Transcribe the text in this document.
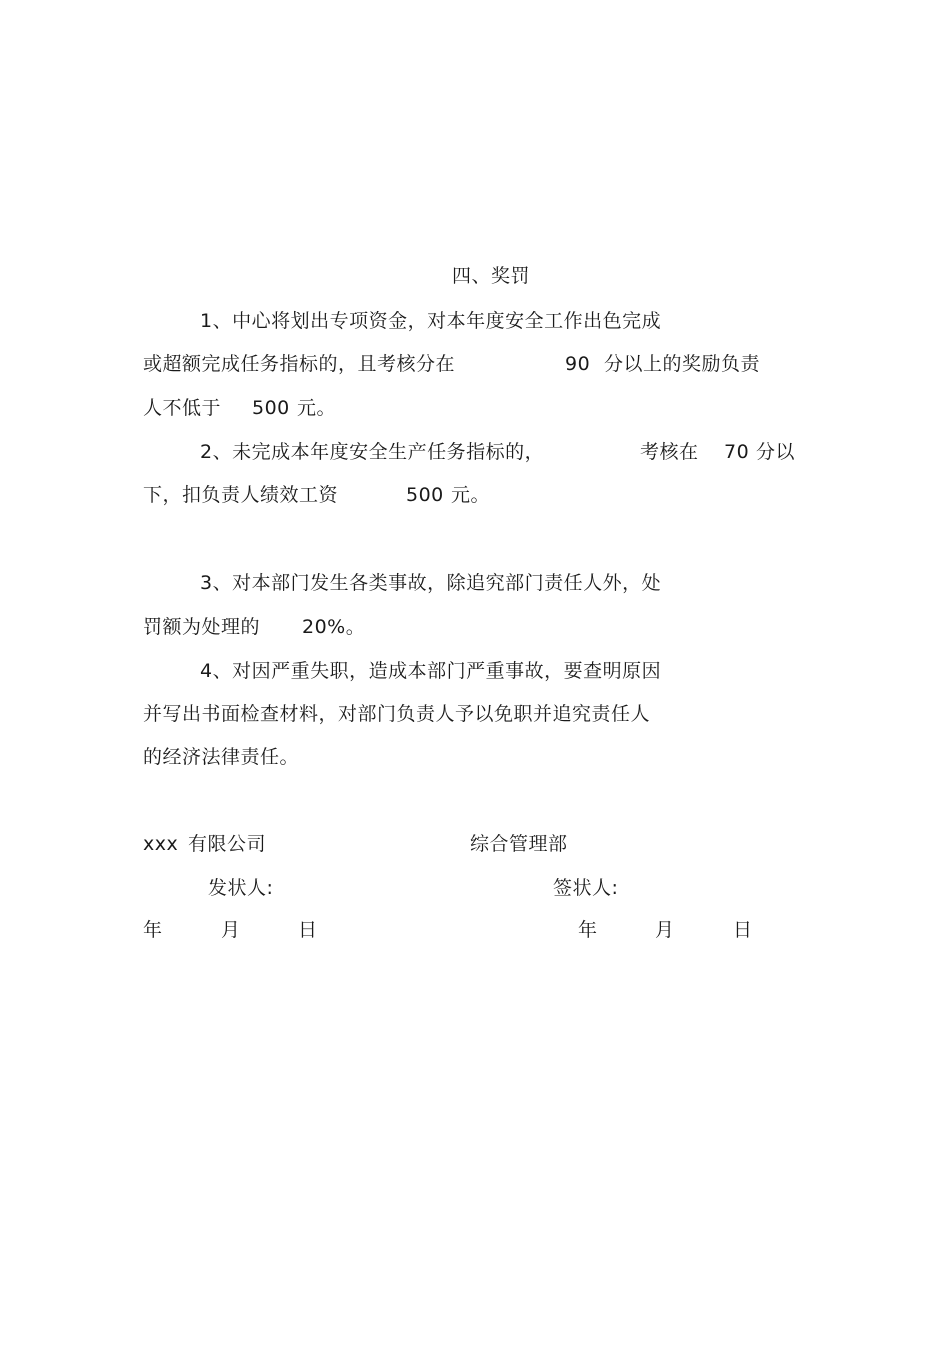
四、奖罚
1、中心将划出专项资金，对本年度安全工作出色完成
或超额完成任务指标的，且考核分在	90 分以上的奖励负责
人不低于 500 元。
2、未完成本年度安全生产任务指标的，	考核在 70 分以
下，扣负责人绩效工资	500 元。
3、对本部门发生各类事故，除追究部门责任人外，处
罚额为处理的 20%。
4、对因严重失职，造成本部门严重事故，要查明原因
并写出书面检查材料，对部门负责人予以免职并追究责任人
的经济法律责任。
xxx 有限公司	综合管理部
发状人:	签状人:
年	月	日	年	月	日
